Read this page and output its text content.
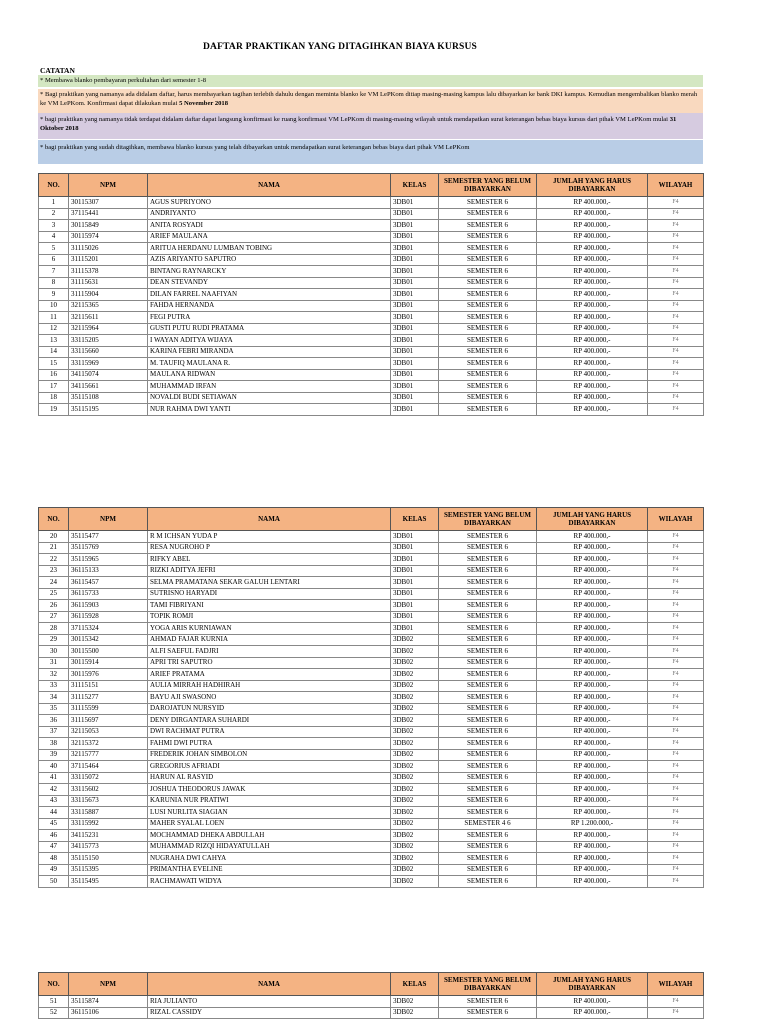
DAFTAR PRAKTIKAN YANG DITAGIHKAN BIAYA KURSUS
CATATAN
* Membawa blanko pembayaran perkuliahan dari semester 1-8
* Bagi praktikan yang namanya ada didalam daftar, harus membayarkan tagihan terlebih dahulu dengan meminta blanko ke VM LePKom ditiap masing-masing kampus lalu dibayarkan ke bank DKI kampus. Kemudian mengembalikan blanko merah ke VM LePKom. Konfirmasi dapat dilakukan mulai 5 November 2018
* bagi praktikan yang namanya tidak terdapat didalam daftar dapat langsung konfirmasi ke ruang konfirmasi VM LePKom di masing-masing wilayah untuk mendapatkan surat keterangan bebas biaya kursus dari pihak VM LePKom mulai 31 Oktober 2018
* bagi praktikan yang sudah ditagihkan, membawa blanko kursus yang telah dibayarkan untuk mendapatkan surat keterangan bebas biaya dari pihak VM LePKom
NO.	NPM	NAMA	KELAS	SEMESTER YANG BELUM DIBAYARKAN	JUMLAH YANG HARUS DIBAYARKAN	WILAYAH
1	30115307	AGUS SUPRIYONO	3DB01	SEMESTER 6	RP 400.000,-	F4
2	37115441	ANDRIYANTO	3DB01	SEMESTER 6	RP 400.000,-	F4
3	30115849	ANITA ROSYADI	3DB01	SEMESTER 6	RP 400.000,-	F4
4	30115974	ARIEF MAULANA	3DB01	SEMESTER 6	RP 400.000,-	F4
5	31115026	ARITUA HERDANU LUMBAN TOBING	3DB01	SEMESTER 6	RP 400.000,-	F4
6	31115201	AZIS ARIYANTO SAPUTRO	3DB01	SEMESTER 6	RP 400.000,-	F4
7	31115378	BINTANG RAYNARCKY	3DB01	SEMESTER 6	RP 400.000,-	F4
8	31115631	DEAN STEVANDY	3DB01	SEMESTER 6	RP 400.000,-	F4
9	31115904	DILAN FARREL NAAFIYAN	3DB01	SEMESTER 6	RP 400.000,-	F4
10	32115365	FAHDA HERNANDA	3DB01	SEMESTER 6	RP 400.000,-	F4
11	32115611	FEGI PUTRA	3DB01	SEMESTER 6	RP 400.000,-	F4
12	32115964	GUSTI PUTU RUDI PRATAMA	3DB01	SEMESTER 6	RP 400.000,-	F4
13	33115205	I WAYAN ADITYA WIJAYA	3DB01	SEMESTER 6	RP 400.000,-	F4
14	33115660	KARINA FEBRI MIRANDA	3DB01	SEMESTER 6	RP 400.000,-	F4
15	33115969	M. TAUFIQ MAULANA R.	3DB01	SEMESTER 6	RP 400.000,-	F4
16	34115074	MAULANA RIDWAN	3DB01	SEMESTER 6	RP 400.000,-	F4
17	34115661	MUHAMMAD IRFAN	3DB01	SEMESTER 6	RP 400.000,-	F4
18	35115108	NOVALDI BUDI SETIAWAN	3DB01	SEMESTER 6	RP 400.000,-	F4
19	35115195	NUR RAHMA DWI YANTI	3DB01	SEMESTER 6	RP 400.000,-	F4
NO.	NPM	NAMA	KELAS	SEMESTER YANG BELUM DIBAYARKAN	JUMLAH YANG HARUS DIBAYARKAN	WILAYAH
20	35115477	R M ICHSAN YUDA P	3DB01	SEMESTER 6	RP 400.000,-	F4
21	35115769	RESA NUGROHO P	3DB01	SEMESTER 6	RP 400.000,-	F4
22	35115965	RIFKY ABEL	3DB01	SEMESTER 6	RP 400.000,-	F4
23	36115133	RIZKI ADITYA JEFRI	3DB01	SEMESTER 6	RP 400.000,-	F4
24	36115457	SELMA PRAMATANA SEKAR GALUH LENTARI	3DB01	SEMESTER 6	RP 400.000,-	F4
25	36115733	SUTRISNO HARYADI	3DB01	SEMESTER 6	RP 400.000,-	F4
26	36115903	TAMI FIBRIYANI	3DB01	SEMESTER 6	RP 400.000,-	F4
27	36115928	TOPIK ROMJI	3DB01	SEMESTER 6	RP 400.000,-	F4
28	37115324	YOGA ARIS KURNIAWAN	3DB01	SEMESTER 6	RP 400.000,-	F4
29	30115342	AHMAD FAJAR KURNIA	3DB02	SEMESTER 6	RP 400.000,-	F4
30	30115500	ALFI SAEFUL FADJRI	3DB02	SEMESTER 6	RP 400.000,-	F4
31	30115914	APRI TRI SAPUTRO	3DB02	SEMESTER 6	RP 400.000,-	F4
32	30115976	ARIEF PRATAMA	3DB02	SEMESTER 6	RP 400.000,-	F4
33	31115151	AULIA MIRRAH HADHIRAH	3DB02	SEMESTER 6	RP 400.000,-	F4
34	31115277	BAYU AJI SWASONO	3DB02	SEMESTER 6	RP 400.000,-	F4
35	31115599	DAROJATUN NURSYID	3DB02	SEMESTER 6	RP 400.000,-	F4
36	31115697	DENY DIRGANTARA SUHARDI	3DB02	SEMESTER 6	RP 400.000,-	F4
37	32115053	DWI RACHMAT PUTRA	3DB02	SEMESTER 6	RP 400.000,-	F4
38	32115372	FAHMI DWI PUTRA	3DB02	SEMESTER 6	RP 400.000,-	F4
39	32115777	FREDERIK JOHAN SIMBOLON	3DB02	SEMESTER 6	RP 400.000,-	F4
40	37115464	GREGORIUS AFRIADI	3DB02	SEMESTER 6	RP 400.000,-	F4
41	33115072	HARUN AL RASYID	3DB02	SEMESTER 6	RP 400.000,-	F4
42	33115602	JOSHUA THEODORUS JAWAK	3DB02	SEMESTER 6	RP 400.000,-	F4
43	33115673	KARUNIA NUR PRATIWI	3DB02	SEMESTER 6	RP 400.000,-	F4
44	33115887	LUSI NURLITA SIAGIAN	3DB02	SEMESTER 6	RP 400.000,-	F4
45	33115992	MAHER SYALAL LOEN	3DB02	SEMESTER 4 6	RP 1.200.000,-	F4
46	34115231	MOCHAMMAD DHEKA ABDULLAH	3DB02	SEMESTER 6	RP 400.000,-	F4
47	34115773	MUHAMMAD RIZQI HIDAYATULLAH	3DB02	SEMESTER 6	RP 400.000,-	F4
48	35115150	NUGRAHA DWI CAHYA	3DB02	SEMESTER 6	RP 400.000,-	F4
49	35115395	PRIMANTHA EVELINE	3DB02	SEMESTER 6	RP 400.000,-	F4
50	35115495	RACHMAWATI WIDYA	3DB02	SEMESTER 6	RP 400.000,-	F4
NO.	NPM	NAMA	KELAS	SEMESTER YANG BELUM DIBAYARKAN	JUMLAH YANG HARUS DIBAYARKAN	WILAYAH
51	35115874	RIA JULIANTO	3DB02	SEMESTER 6	RP 400.000,-	F4
52	36115106	RIZAL CASSIDY	3DB02	SEMESTER 6	RP 400.000,-	F4
